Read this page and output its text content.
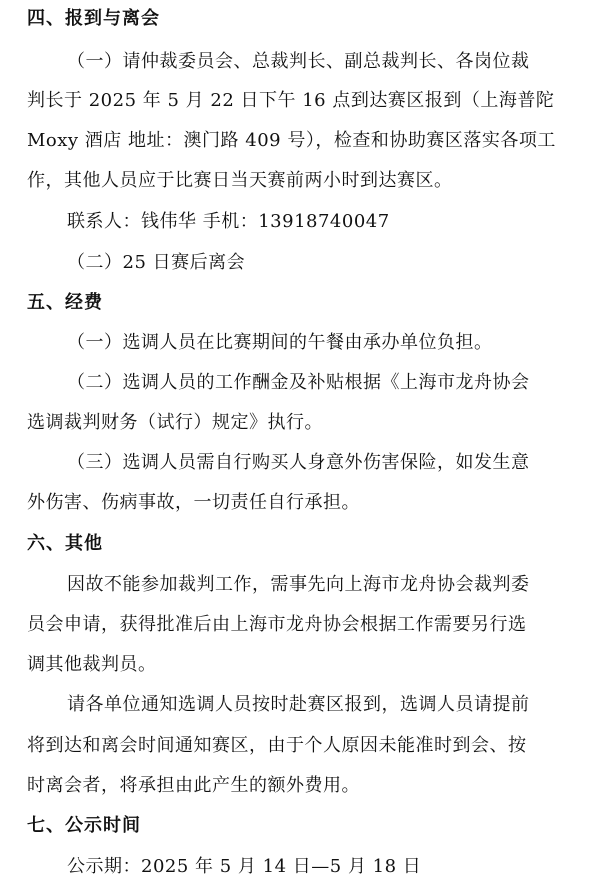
四、报到与离会
（一）请仲裁委员会、总裁判长、副总裁判长、各岗位裁
判长于 2025 年 5 月 22 日下午 16 点到达赛区报到（上海普陀
Moxy 酒店 地址：澳门路 409 号），检查和协助赛区落实各项工
作，其他人员应于比赛日当天赛前两小时到达赛区。
联系人：钱伟华 手机：13918740047
（二）25 日赛后离会
五、经费
（一）选调人员在比赛期间的午餐由承办单位负担。
（二）选调人员的工作酬金及补贴根据《上海市龙舟协会
选调裁判财务（试行）规定》执行。
（三）选调人员需自行购买人身意外伤害保险，如发生意
外伤害、伤病事故，一切责任自行承担。
六、其他
因故不能参加裁判工作，需事先向上海市龙舟协会裁判委
员会申请，获得批准后由上海市龙舟协会根据工作需要另行选
调其他裁判员。
请各单位通知选调人员按时赴赛区报到，选调人员请提前
将到达和离会时间通知赛区，由于个人原因未能准时到会、按
时离会者，将承担由此产生的额外费用。
七、公示时间
公示期：2025 年 5 月 14 日—5 月 18 日
